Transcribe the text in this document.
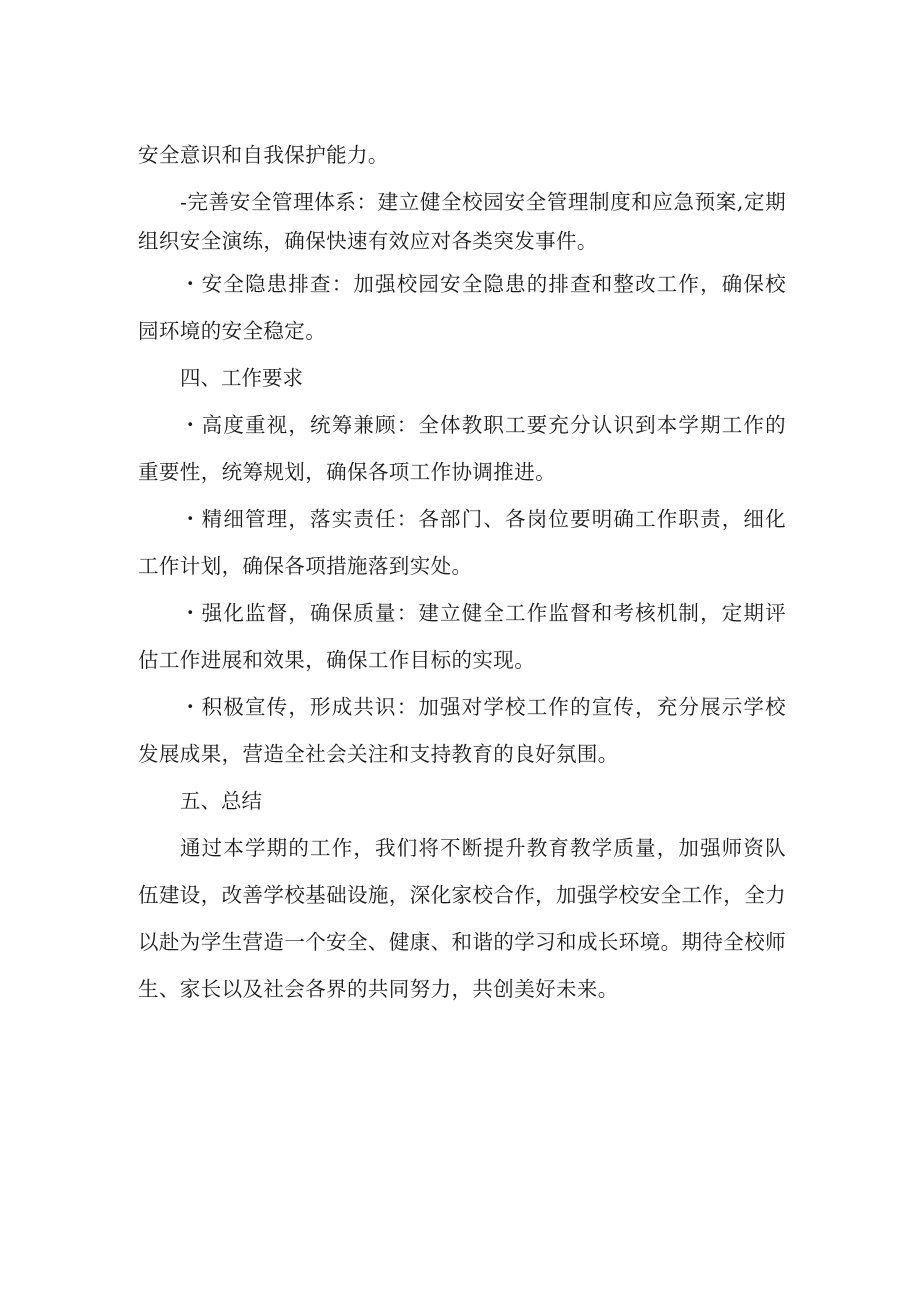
安全意识和自我保护能力。

-完善安全管理体系：建立健全校园安全管理制度和应急预案,定期组织安全演练，确保快速有效应对各类突发事件。

・安全隐患排查：加强校园安全隐患的排查和整改工作，确保校园环境的安全稳定。

四、工作要求

・高度重视，统筹兼顾：全体教职工要充分认识到本学期工作的重要性，统筹规划，确保各项工作协调推进。

・精细管理，落实责任：各部门、各岗位要明确工作职责，细化工作计划，确保各项措施落到实处。

・强化监督，确保质量：建立健全工作监督和考核机制，定期评估工作进展和效果，确保工作目标的实现。

・积极宣传，形成共识：加强对学校工作的宣传，充分展示学校发展成果，营造全社会关注和支持教育的良好氛围。

五、总结

通过本学期的工作，我们将不断提升教育教学质量，加强师资队伍建设，改善学校基础设施，深化家校合作，加强学校安全工作，全力以赴为学生营造一个安全、健康、和谐的学习和成长环境。期待全校师生、家长以及社会各界的共同努力，共创美好未来。
